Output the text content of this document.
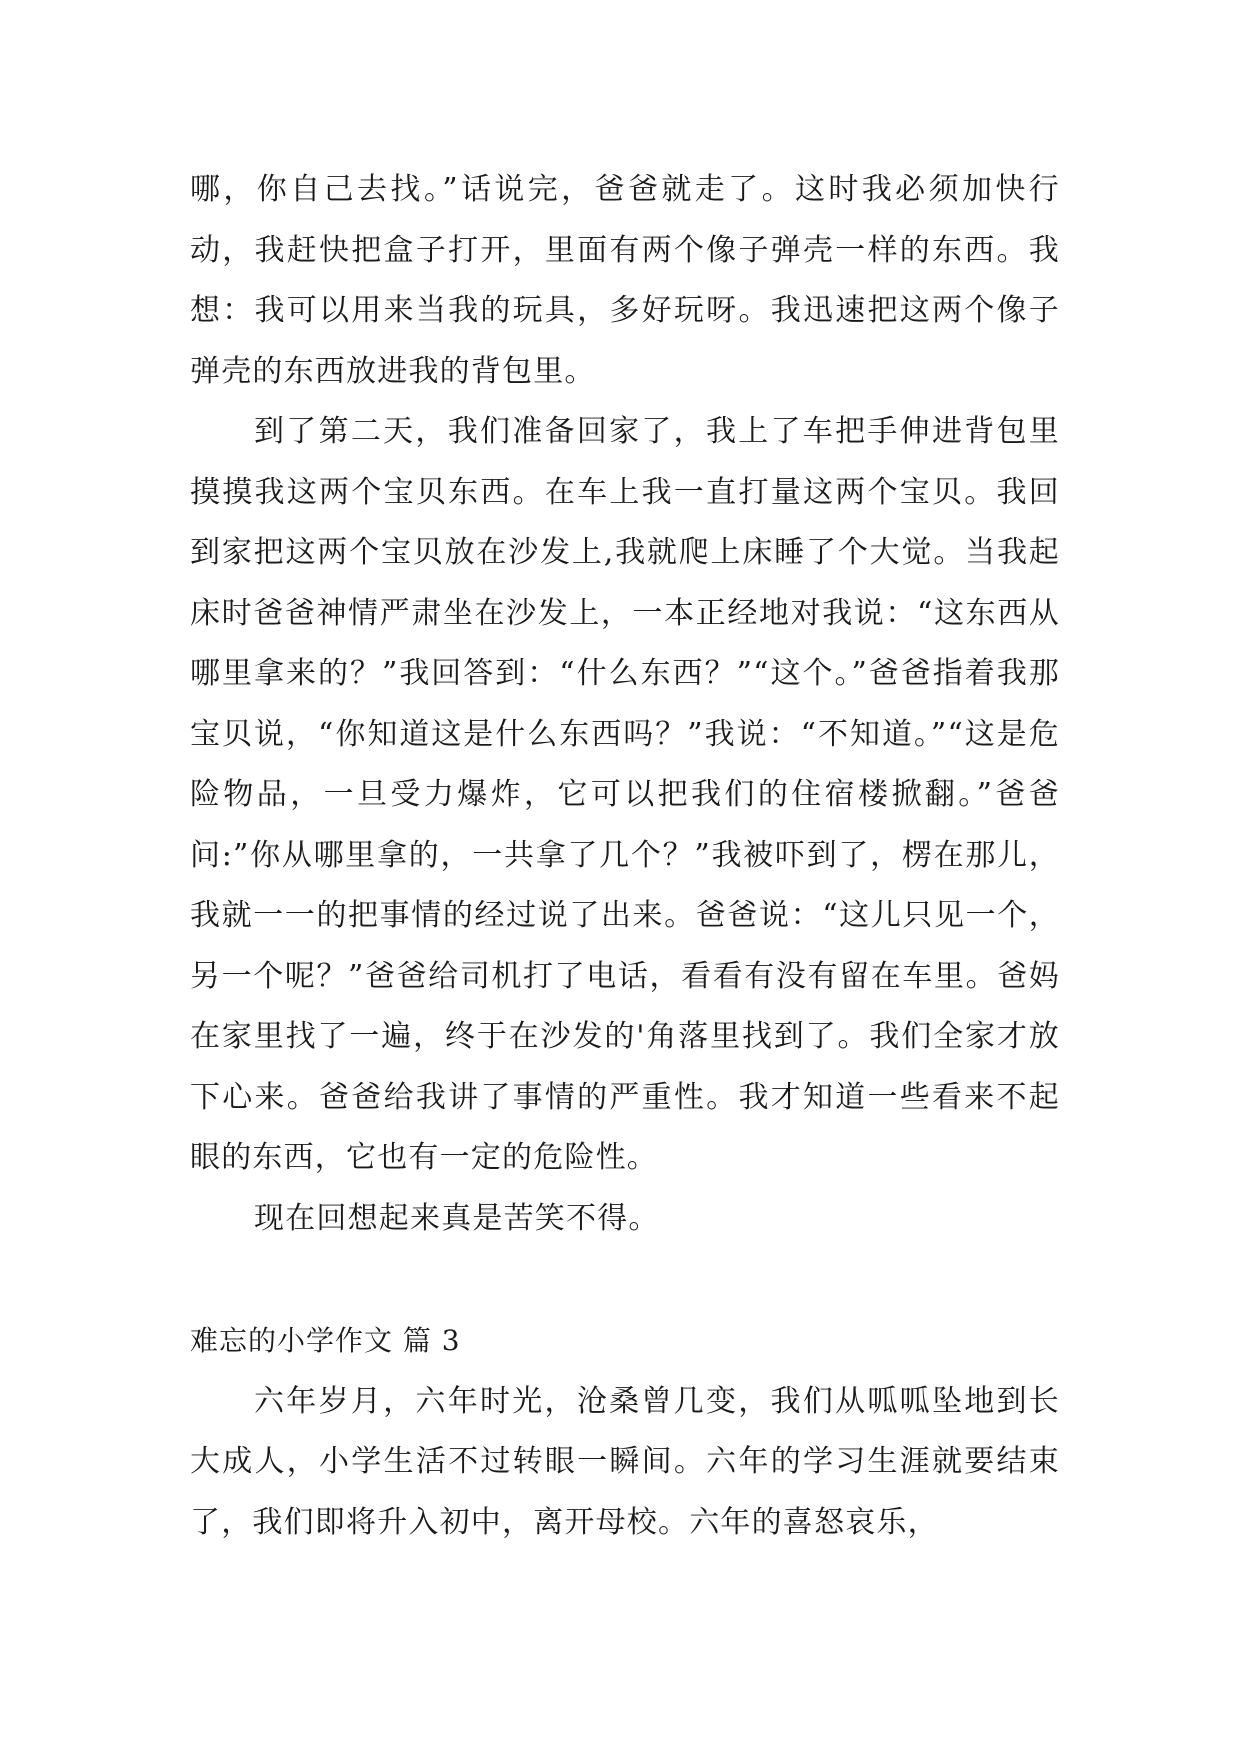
哪，你自己去找。”话说完，爸爸就走了。这时我必须加快行动，我赶快把盒子打开，里面有两个像子弹壳一样的东西。我想：我可以用来当我的玩具，多好玩呀。我迅速把这两个像子弹壳的东西放进我的背包里。

到了第二天，我们准备回家了，我上了车把手伸进背包里摸摸我这两个宝贝东西。在车上我一直打量这两个宝贝。我回到家把这两个宝贝放在沙发上,我就爬上床睡了个大觉。当我起床时爸爸神情严肃坐在沙发上，一本正经地对我说：“这东西从哪里拿来的？”我回答到：“什么东西？”“这个。”爸爸指着我那宝贝说，“你知道这是什么东西吗？”我说：“不知道。”“这是危险物品，一旦受力爆炸，它可以把我们的住宿楼掀翻。”爸爸问:”你从哪里拿的，一共拿了几个？”我被吓到了，楞在那儿，我就一一的把事情的经过说了出来。爸爸说：“这儿只见一个，另一个呢？”爸爸给司机打了电话，看看有没有留在车里。爸妈在家里找了一遍，终于在沙发的'角落里找到了。我们全家才放下心来。爸爸给我讲了事情的严重性。我才知道一些看来不起眼的东西，它也有一定的危险性。

现在回想起来真是苦笑不得。

难忘的小学作文 篇 3

六年岁月，六年时光，沧桑曾几变，我们从呱呱坠地到长大成人，小学生活不过转眼一瞬间。六年的学习生涯就要结束了，我们即将升入初中，离开母校。六年的喜怒哀乐，
